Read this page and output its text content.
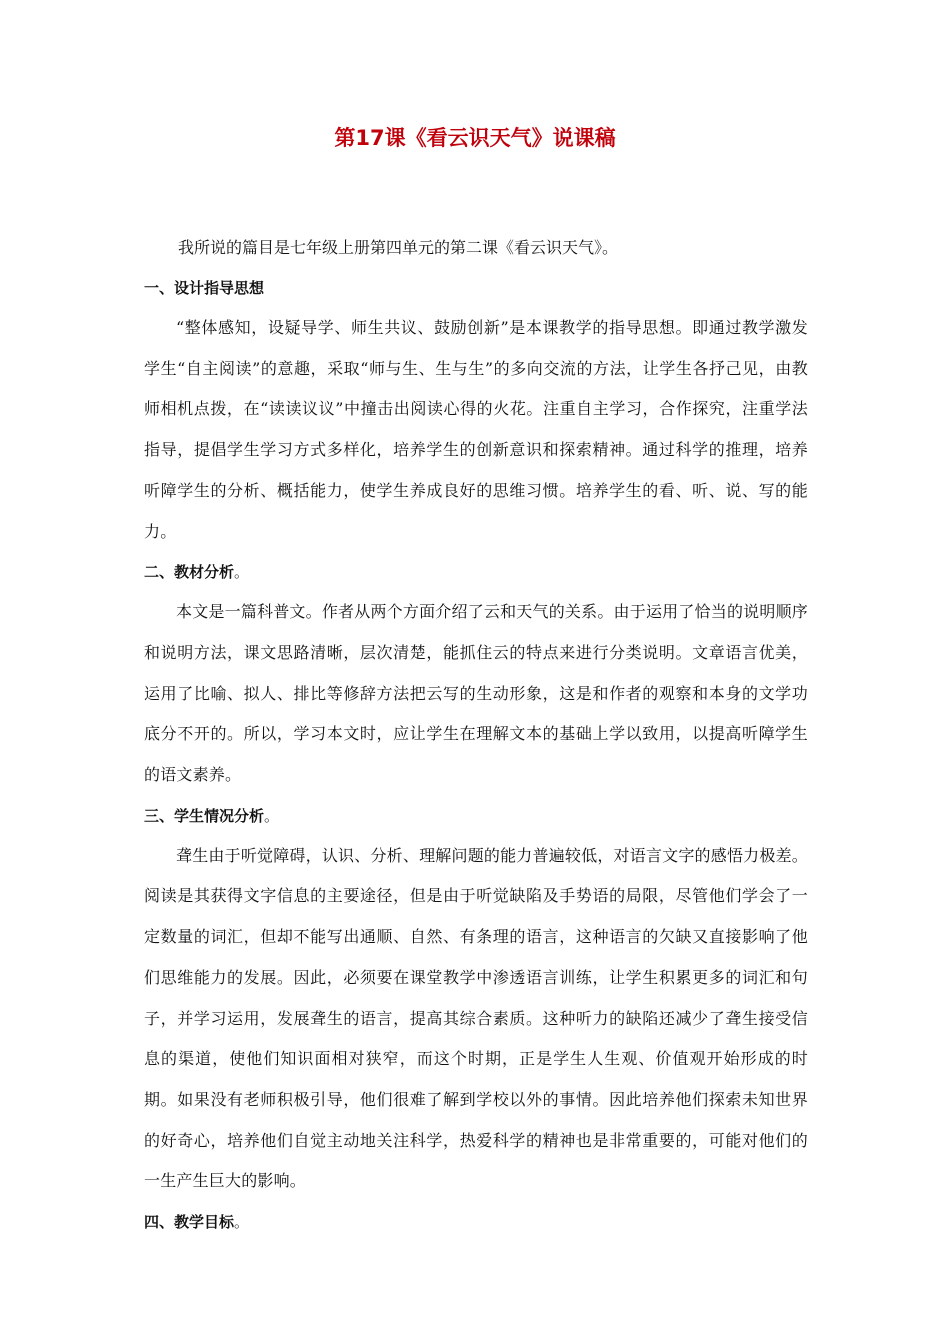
第17课《看云识天气》说课稿

我所说的篇目是七年级上册第四单元的第二课《看云识天气》。

一、设计指导思想

“整体感知，设疑导学、师生共议、鼓励创新”是本课教学的指导思想。即通过教学激发学生“自主阅读”的意趣，采取“师与生、生与生”的多向交流的方法，让学生各抒己见，由教师相机点拨，在“读读议议”中撞击出阅读心得的火花。注重自主学习，合作探究，注重学法指导，提倡学生学习方式多样化，培养学生的创新意识和探索精神。通过科学的推理，培养听障学生的分析、概括能力，使学生养成良好的思维习惯。培养学生的看、听、说、写的能力。

二、教材分析。

本文是一篇科普文。作者从两个方面介绍了云和天气的关系。由于运用了恰当的说明顺序和说明方法，课文思路清晰，层次清楚，能抓住云的特点来进行分类说明。文章语言优美，运用了比喻、拟人、排比等修辞方法把云写的生动形象，这是和作者的观察和本身的文学功底分不开的。所以，学习本文时，应让学生在理解文本的基础上学以致用，以提高听障学生的语文素养。

三、学生情况分析。

聋生由于听觉障碍，认识、分析、理解问题的能力普遍较低，对语言文字的感悟力极差。阅读是其获得文字信息的主要途径，但是由于听觉缺陷及手势语的局限，尽管他们学会了一定数量的词汇，但却不能写出通顺、自然、有条理的语言，这种语言的欠缺又直接影响了他们思维能力的发展。因此，必须要在课堂教学中渗透语言训练，让学生积累更多的词汇和句子，并学习运用，发展聋生的语言，提高其综合素质。这种听力的缺陷还减少了聋生接受信息的渠道，使他们知识面相对狭窄，而这个时期，正是学生人生观、价值观开始形成的时期。如果没有老师积极引导，他们很难了解到学校以外的事情。因此培养他们探索未知世界的好奇心，培养他们自觉主动地关注科学，热爱科学的精神也是非常重要的，可能对他们的一生产生巨大的影响。

四、教学目标。
